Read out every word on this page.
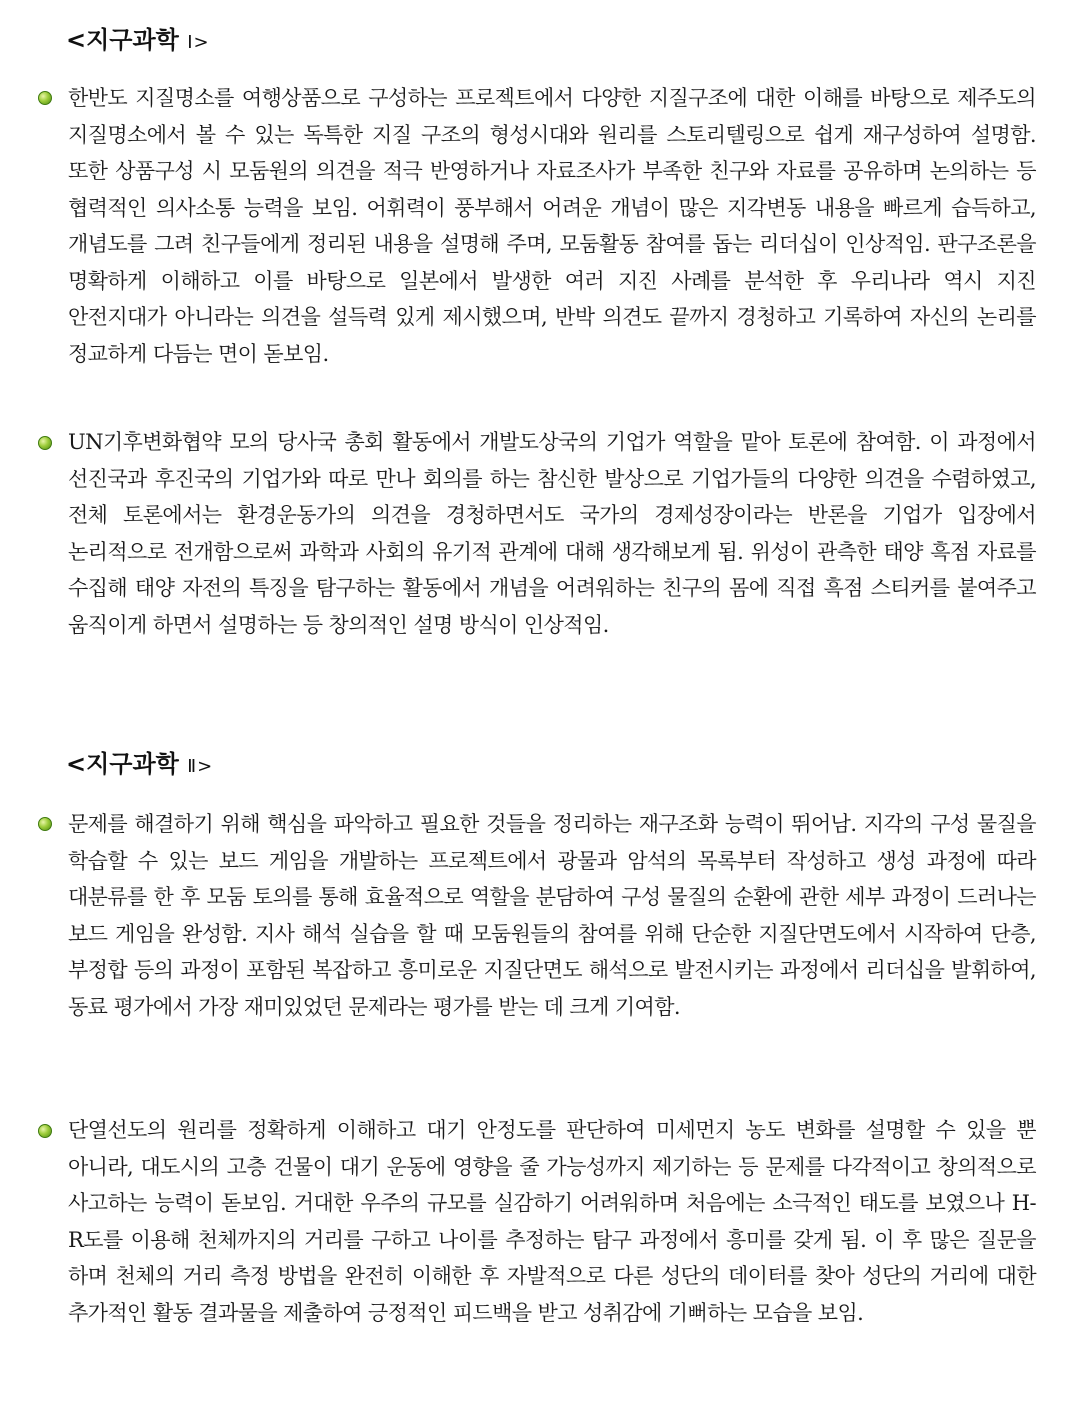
<지구과학 Ⅰ>
한반도 지질명소를 여행상품으로 구성하는 프로젝트에서 다양한 지질구조에 대한 이해를 바탕으로 제주도의 지질명소에서 볼 수 있는 독특한 지질 구조의 형성시대와 원리를 스토리텔링으로 쉽게 재구성하여 설명함. 또한 상품구성 시 모둠원의 의견을 적극 반영하거나 자료조사가 부족한 친구와 자료를 공유하며 논의하는 등 협력적인 의사소통 능력을 보임. 어휘력이 풍부해서 어려운 개념이 많은 지각변동 내용을 빠르게 습득하고, 개념도를 그려 친구들에게 정리된 내용을 설명해 주며, 모둠활동 참여를 돕는 리더십이 인상적임. 판구조론을 명확하게 이해하고 이를 바탕으로 일본에서 발생한 여러 지진 사례를 분석한 후 우리나라 역시 지진 안전지대가 아니라는 의견을 설득력 있게 제시했으며, 반박 의견도 끝까지 경청하고 기록하여 자신의 논리를 정교하게 다듬는 면이 돋보임.
UN기후변화협약 모의 당사국 총회 활동에서 개발도상국의 기업가 역할을 맡아 토론에 참여함. 이 과정에서 선진국과 후진국의 기업가와 따로 만나 회의를 하는 참신한 발상으로 기업가들의 다양한 의견을 수렴하였고, 전체 토론에서는 환경운동가의 의견을 경청하면서도 국가의 경제성장이라는 반론을 기업가 입장에서 논리적으로 전개함으로써 과학과 사회의 유기적 관계에 대해 생각해보게 됨. 위성이 관측한 태양 흑점 자료를 수집해 태양 자전의 특징을 탐구하는 활동에서 개념을 어려워하는 친구의 몸에 직접 흑점 스티커를 붙여주고 움직이게 하면서 설명하는 등 창의적인 설명 방식이 인상적임.
<지구과학 Ⅱ>
문제를 해결하기 위해 핵심을 파악하고 필요한 것들을 정리하는 재구조화 능력이 뛰어남. 지각의 구성 물질을 학습할 수 있는 보드 게임을 개발하는 프로젝트에서 광물과 암석의 목록부터 작성하고 생성 과정에 따라 대분류를 한 후 모둠 토의를 통해 효율적으로 역할을 분담하여 구성 물질의 순환에 관한 세부 과정이 드러나는 보드 게임을 완성함. 지사 해석 실습을 할 때 모둠원들의 참여를 위해 단순한 지질단면도에서 시작하여 단층, 부정합 등의 과정이 포함된 복잡하고 흥미로운 지질단면도 해석으로 발전시키는 과정에서 리더십을 발휘하여, 동료 평가에서 가장 재미있었던 문제라는 평가를 받는 데 크게 기여함.
단열선도의 원리를 정확하게 이해하고 대기 안정도를 판단하여 미세먼지 농도 변화를 설명할 수 있을 뿐 아니라, 대도시의 고층 건물이 대기 운동에 영향을 줄 가능성까지 제기하는 등 문제를 다각적이고 창의적으로 사고하는 능력이 돋보임. 거대한 우주의 규모를 실감하기 어려워하며 처음에는 소극적인 태도를 보였으나 H-R도를 이용해 천체까지의 거리를 구하고 나이를 추정하는 탐구 과정에서 흥미를 갖게 됨. 이 후 많은 질문을 하며 천체의 거리 측정 방법을 완전히 이해한 후 자발적으로 다른 성단의 데이터를 찾아 성단의 거리에 대한 추가적인 활동 결과물을 제출하여 긍정적인 피드백을 받고 성취감에 기뻐하는 모습을 보임.
